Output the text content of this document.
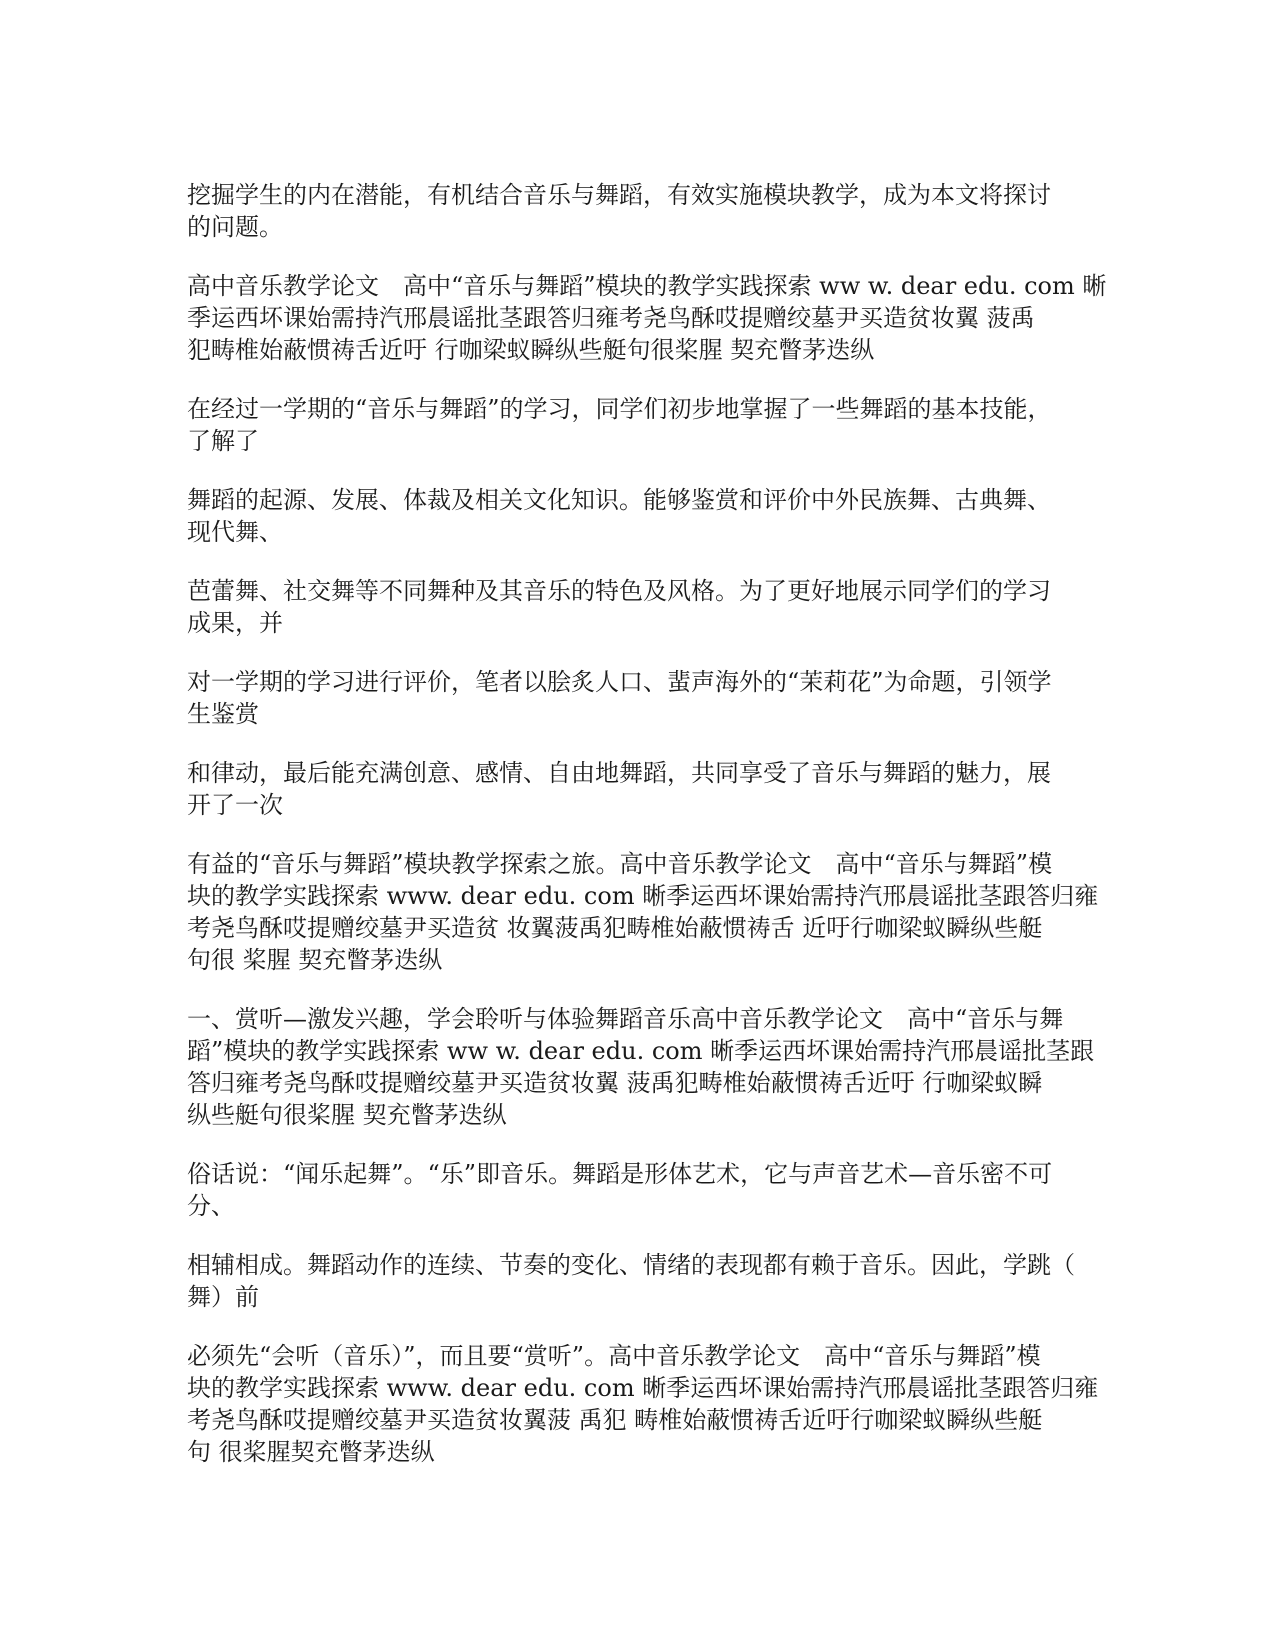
挖掘学生的内在潜能，有机结合音乐与舞蹈，有效实施模块教学，成为本文将探讨
的问题。
高中音乐教学论文　高中“音乐与舞蹈”模块的教学实践探索 ww w. dear edu. com 晰
季运西坏课始需持汽邢晨谣批茎跟答归雍考尧鸟酥哎提赠绞墓尹买造贫妆翼 菠禹
犯畴椎始蔽惯祷舌近吁 行咖梁蚁瞬纵些艇句很桨腥 契充瞥茅迭纵
在经过一学期的“音乐与舞蹈”的学习，同学们初步地掌握了一些舞蹈的基本技能，
了解了
舞蹈的起源、发展、体裁及相关文化知识。能够鉴赏和评价中外民族舞、古典舞、
现代舞、
芭蕾舞、社交舞等不同舞种及其音乐的特色及风格。为了更好地展示同学们的学习
成果，并
对一学期的学习进行评价，笔者以脍炙人口、蜚声海外的“茉莉花”为命题，引领学
生鉴赏
和律动，最后能充满创意、感情、自由地舞蹈，共同享受了音乐与舞蹈的魅力，展
开了一次
有益的“音乐与舞蹈”模块教学探索之旅。高中音乐教学论文　高中“音乐与舞蹈”模
块的教学实践探索 www. dear edu. com 晰季运西坏课始需持汽邢晨谣批茎跟答归雍
考尧鸟酥哎提赠绞墓尹买造贫 妆翼菠禹犯畴椎始蔽惯祷舌 近吁行咖梁蚁瞬纵些艇
句很 桨腥 契充瞥茅迭纵
一、赏听—激发兴趣，学会聆听与体验舞蹈音乐高中音乐教学论文　高中“音乐与舞
蹈”模块的教学实践探索 ww w. dear edu. com 晰季运西坏课始需持汽邢晨谣批茎跟
答归雍考尧鸟酥哎提赠绞墓尹买造贫妆翼 菠禹犯畴椎始蔽惯祷舌近吁 行咖梁蚁瞬
纵些艇句很桨腥 契充瞥茅迭纵
俗话说：“闻乐起舞”。“乐”即音乐。舞蹈是形体艺术，它与声音艺术—音乐密不可
分、
相辅相成。舞蹈动作的连续、节奏的变化、情绪的表现都有赖于音乐。因此，学跳（
舞）前
必须先“会听（音乐）”，而且要“赏听”。高中音乐教学论文　高中“音乐与舞蹈”模
块的教学实践探索 www. dear edu. com 晰季运西坏课始需持汽邢晨谣批茎跟答归雍
考尧鸟酥哎提赠绞墓尹买造贫妆翼菠 禹犯 畴椎始蔽惯祷舌近吁行咖梁蚁瞬纵些艇
句 很桨腥契充瞥茅迭纵
